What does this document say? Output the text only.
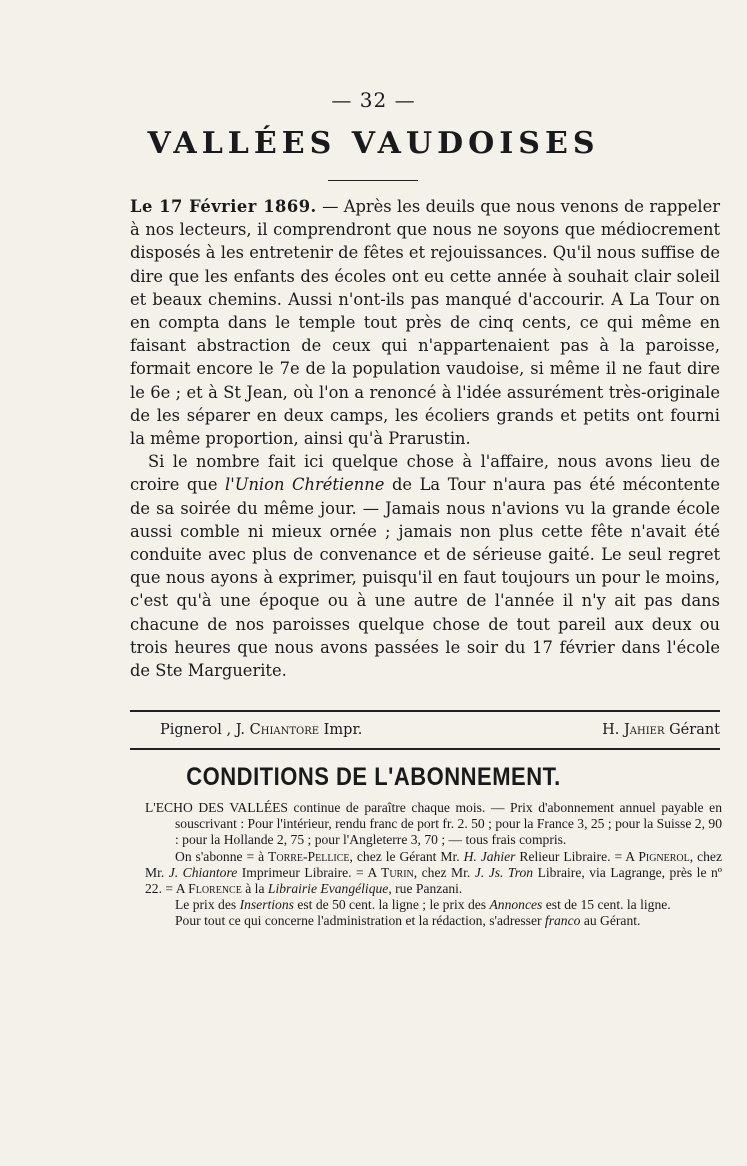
— 32 —
VALLÉES VAUDOISES

Le 17 Février 1869. — Après les deuils que nous venons de rappeler à nos lecteurs, il comprendront que nous ne soyons que médiocrement disposés à les entretenir de fêtes et rejouissances. Qu'il nous suffise de dire que les enfants des écoles ont eu cette année à souhait clair soleil et beaux chemins. Aussi n'ont-ils pas manqué d'accourir. A La Tour on en compta dans le temple tout près de cinq cents, ce qui même en faisant abstraction de ceux qui n'appartenaient pas à la paroisse, formait encore le 7e de la population vaudoise, si même il ne faut dire le 6e ; et à St Jean, où l'on a renoncé à l'idée assurément très-originale de les séparer en deux camps, les écoliers grands et petits ont fourni la même proportion, ainsi qu'à Prarustin.

Si le nombre fait ici quelque chose à l'affaire, nous avons lieu de croire que l'Union Chrétienne de La Tour n'aura pas été mécontente de sa soirée du même jour. — Jamais nous n'avions vu la grande école aussi comble ni mieux ornée ; jamais non plus cette fête n'avait été conduite avec plus de convenance et de sérieuse gaité. Le seul regret que nous ayons à exprimer, puisqu'il en faut toujours un pour le moins, c'est qu'à une époque ou à une autre de l'année il n'y ait pas dans chacune de nos paroisses quelque chose de tout pareil aux deux ou trois heures que nous avons passées le soir du 17 février dans l'école de Ste Marguerite.

Pignerol , J. Chiantore Impr.	H. Jahier Gérant
CONDITIONS DE L'ABONNEMENT.

L'ECHO DES VALLÉES continue de paraître chaque mois. — Prix d'abonnement annuel payable en souscrivant : Pour l'intérieur, rendu franc de port fr. 2. 50 ; pour la France 3, 25 ; pour la Suisse 2, 90 : pour la Hollande 2, 75 ; pour l'Angleterre 3, 70 ; — tous frais compris.

On s'abonne = à Torre-Pellice, chez le Gérant Mr. H. Jahier Relieur Libraire. = A Pignerol, chez Mr. J. Chiantore Imprimeur Libraire. = A Turin, chez Mr. J. Js. Tron Libraire, via Lagrange, près le nº 22. = A Florence à la Librairie Evangélique, rue Panzani.

Le prix des Insertions est de 50 cent. la ligne ; le prix des Annonces est de 15 cent. la ligne.

Pour tout ce qui concerne l'administration et la rédaction, s'adresser franco au Gérant.
